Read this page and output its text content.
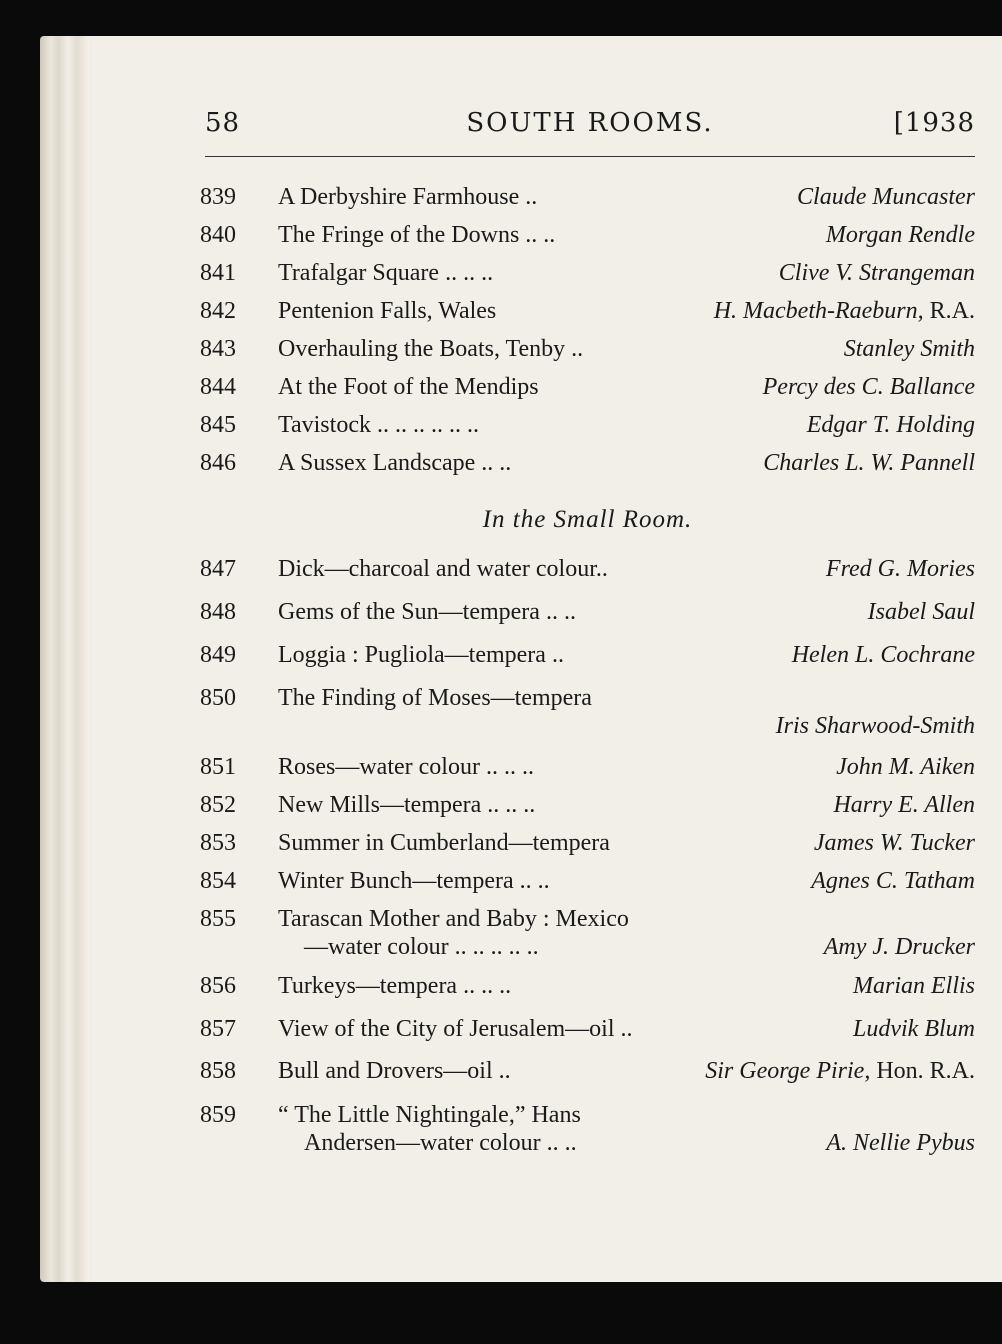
58	SOUTH ROOMS.	[1938
839 A Derbyshire Farmhouse ..	Claude Muncaster
840 The Fringe of the Downs .. ..	Morgan Rendle
841 Trafalgar Square .. .. ..	Clive V. Strangeman
842 Pentenion Falls, Wales	H. Macbeth-Raeburn, R.A.
843 Overhauling the Boats, Tenby ..	Stanley Smith
844 At the Foot of the Mendips	Percy des C. Ballance
845 Tavistock .. .. .. .. .. ..	Edgar T. Holding
846 A Sussex Landscape .. ..	Charles L. W. Pannell
In the Small Room.
847 Dick—charcoal and water colour..	Fred G. Mories
848 Gems of the Sun—tempera .. ..	Isabel Saul
849 Loggia : Pugliola—tempera ..	Helen L. Cochrane
850 The Finding of Moses—tempera
Iris Sharwood-Smith
851 Roses—water colour .. .. ..	John M. Aiken
852 New Mills—tempera .. .. ..	Harry E. Allen
853 Summer in Cumberland—tempera	James W. Tucker
854 Winter Bunch—tempera .. ..	Agnes C. Tatham
855 Tarascan Mother and Baby : Mexico
—water colour .. .. .. .. ..	Amy J. Drucker
856 Turkeys—tempera .. .. ..	Marian Ellis
857 View of the City of Jerusalem—oil ..	Ludvik Blum
858 Bull and Drovers—oil ..	Sir George Pirie, Hon. R.A.
859 “ The Little Nightingale,” Hans
Andersen—water colour .. ..	A. Nellie Pybus
